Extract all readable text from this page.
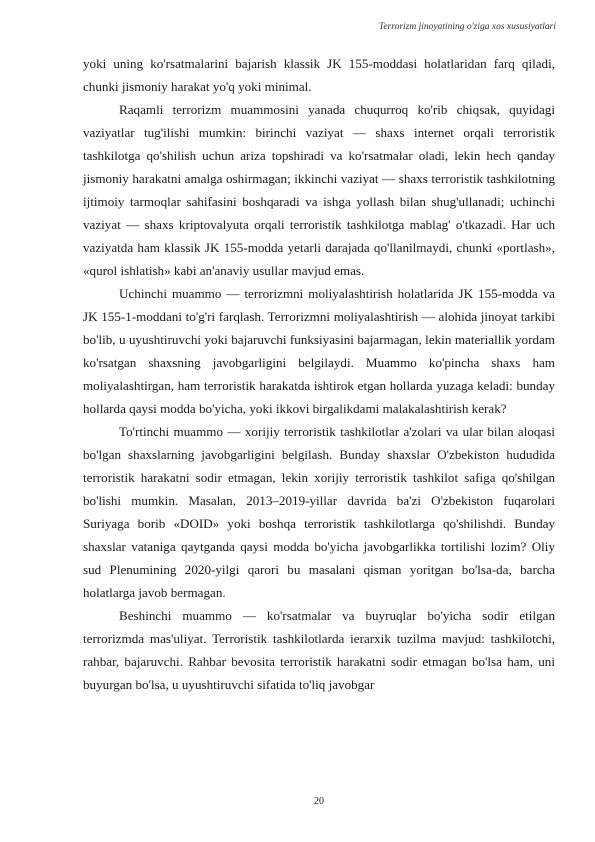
Terrorizm jinoyatining o'ziga xos xususiyatlari

yoki uning ko'rsatmalarini bajarish klassik JK 155-moddasi holatlaridan farq qiladi, chunki jismoniy harakat yo'q yoki minimal.

Raqamli terrorizm muammosini yanada chuqurroq ko'rib chiqsak, quyidagi vaziyatlar tug'ilishi mumkin: birinchi vaziyat — shaxs internet orqali terroristik tashkilotga qo'shilish uchun ariza topshiradi va ko'rsatmalar oladi, lekin hech qanday jismoniy harakatni amalga oshirmagan; ikkinchi vaziyat — shaxs terroristik tashkilotning ijtimoiy tarmoqlar sahifasini boshqaradi va ishga yollash bilan shug'ullanadi; uchinchi vaziyat — shaxs kriptovalyuta orqali terroristik tashkilotga mablag' o'tkazadi. Har uch vaziyatda ham klassik JK 155-modda yetarli darajada qo'llanilmaydi, chunki «portlash», «qurol ishlatish» kabi an'anaviy usullar mavjud emas.

Uchinchi muammo — terrorizmni moliyalashtirish holatlarida JK 155-modda va JK 155-1-moddani to'g'ri farqlash. Terrorizmni moliyalashtirish — alohida jinoyat tarkibi bo'lib, u uyushtiruvchi yoki bajaruvchi funksiyasini bajarmagan, lekin materiallik yordam ko'rsatgan shaxsning javobgarligini belgilaydi. Muammo ko'pincha shaxs ham moliyalashtirgan, ham terroristik harakatda ishtirok etgan hollarda yuzaga keladi: bunday hollarda qaysi modda bo'yicha, yoki ikkovi birgalikdami malakalashtirish kerak?

To'rtinchi muammo — xorijiy terroristik tashkilotlar a'zolari va ular bilan aloqasi bo'lgan shaxslarning javobgarligini belgilash. Bunday shaxslar O'zbekiston hududida terroristik harakatni sodir etmagan, lekin xorijiy terroristik tashkilot safiga qo'shilgan bo'lishi mumkin. Masalan, 2013–2019-yillar davrida ba'zi O'zbekiston fuqarolari Suriyaga borib «DOID» yoki boshqa terroristik tashkilotlarga qo'shilishdi. Bunday shaxslar vataniga qaytganda qaysi modda bo'yicha javobgarlikka tortilishi lozim? Oliy sud Plenumining 2020-yilgi qarori bu masalani qisman yoritgan bo'lsa-da, barcha holatlarga javob bermagan.

Beshinchi muammo — ko'rsatmalar va buyruqlar bo'yicha sodir etilgan terrorizmda mas'uliyat. Terroristik tashkilotlarda ierarxik tuzilma mavjud: tashkilotchi, rahbar, bajaruvchi. Rahbar bevosita terroristik harakatni sodir etmagan bo'lsa ham, uni buyurgan bo'lsa, u uyushtiruvchi sifatida to'liq javobgar

20
